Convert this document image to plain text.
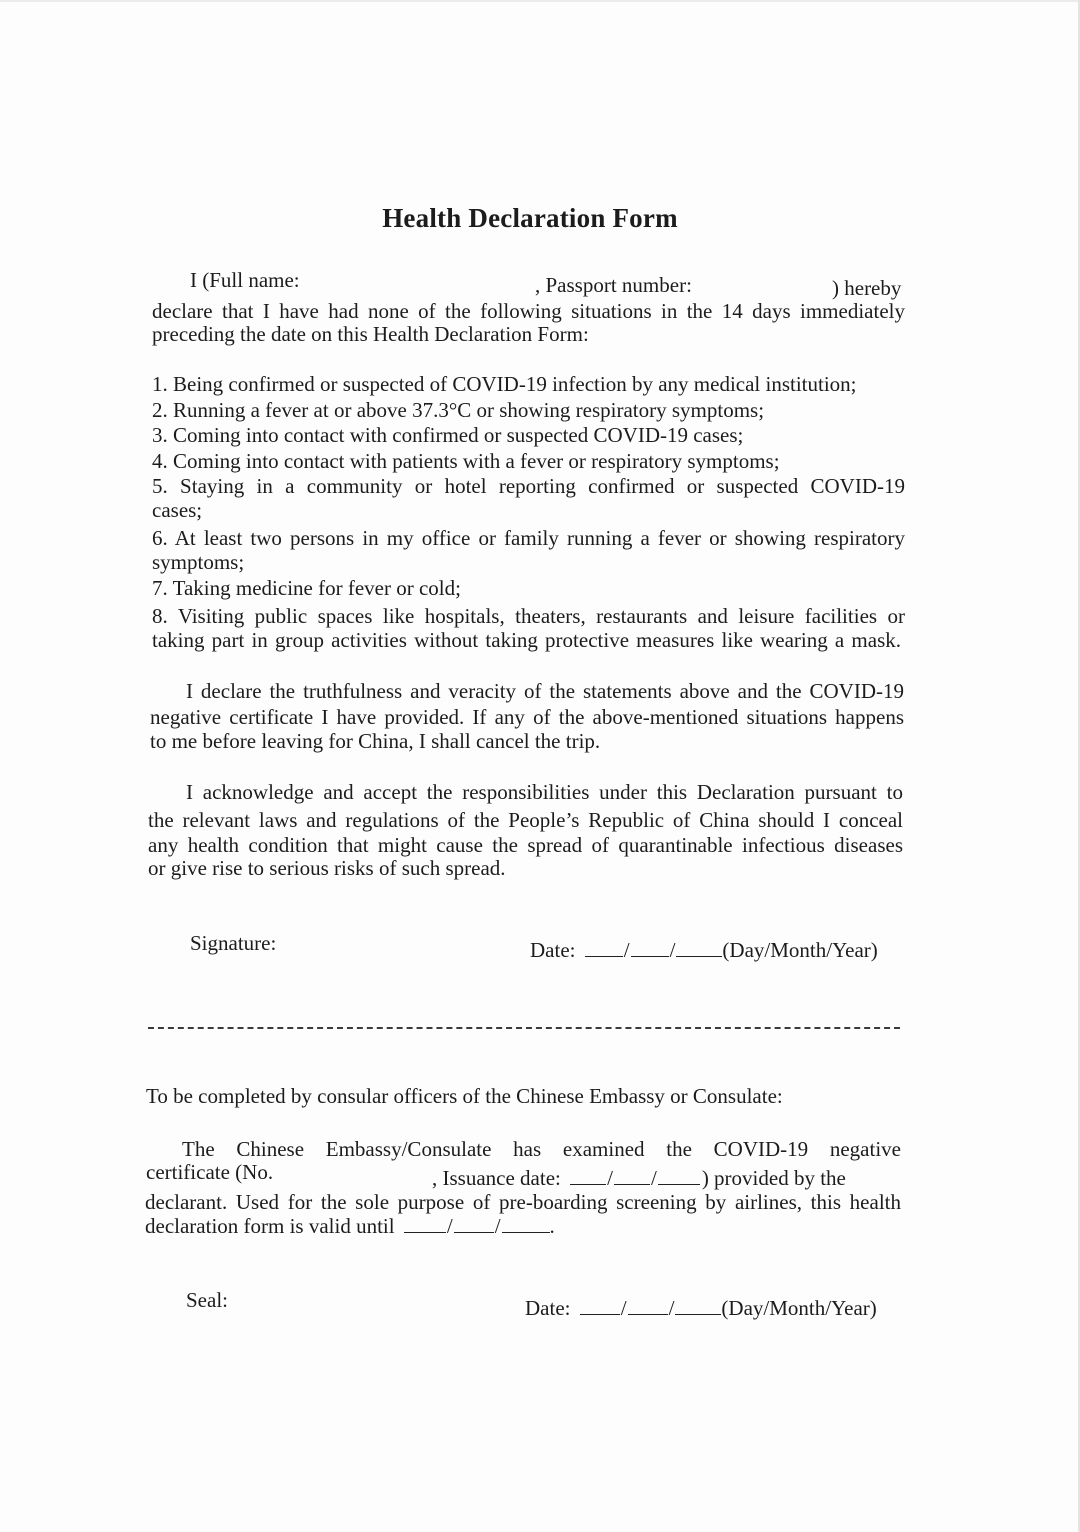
Health Declaration Form
I (Full name:	, Passport number:	) hereby
declare that I have had none of the following situations in the 14 days immediately
preceding the date on this Health Declaration Form:
1. Being confirmed or suspected of COVID-19 infection by any medical institution;
2. Running a fever at or above 37.3°C or showing respiratory symptoms;
3. Coming into contact with confirmed or suspected COVID-19 cases;
4. Coming into contact with patients with a fever or respiratory symptoms;
5. Staying in a community or hotel reporting confirmed or suspected COVID-19
cases;
6. At least two persons in my office or family running a fever or showing respiratory
symptoms;
7. Taking medicine for fever or cold;
8. Visiting public spaces like hospitals, theaters, restaurants and leisure facilities or
taking part in group activities without taking protective measures like wearing a mask.
I declare the truthfulness and veracity of the statements above and the COVID-19
negative certificate I have provided. If any of the above-mentioned situations happens
to me before leaving for China, I shall cancel the trip.
I acknowledge and accept the responsibilities under this Declaration pursuant to
the relevant laws and regulations of the People’s Republic of China should I conceal
any health condition that might cause the spread of quarantinable infectious diseases
or give rise to serious risks of such spread.
Signature:	Date: / / (Day/Month/Year)
To be completed by consular officers of the Chinese Embassy or Consulate:
The Chinese Embassy/Consulate has examined the COVID-19 negative
certificate (No.	, Issuance date: / / ) provided by the
declarant. Used for the sole purpose of pre-boarding screening by airlines, this health
declaration form is valid until / / .
Seal:	Date: / / (Day/Month/Year)
